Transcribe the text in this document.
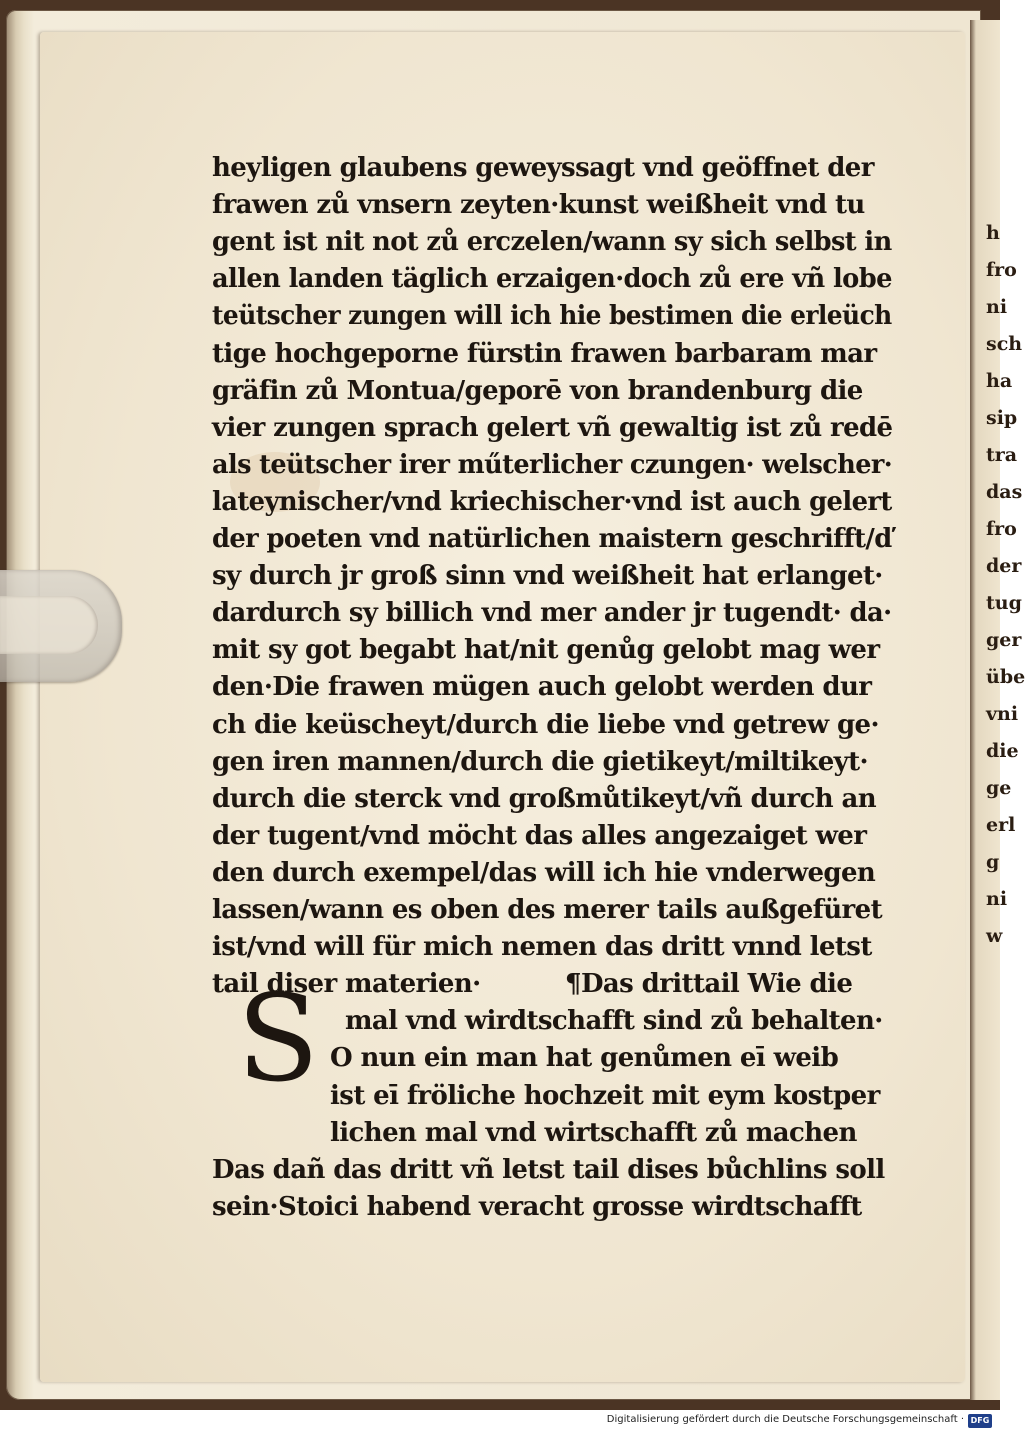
h
fro
ni
sch
ha
sip
tra
das
fro
der
tug
ger
übe
vni
die
ge
erl
g
ni
w
heyligen glaubens geweyssagt vnd geöffnet der
frawen zů vnsern zeyten·kunst weißheit vnd tu
gent ist nit not zů erczelen/wann sy sich selbst in
allen landen täglich erzaigen·doch zů ere vñ lobe
teütscher zungen will ich hie bestimen die erleüch
tige hochgeporne fürstin frawen barbaram mar
gräfin zů Montua/geporē von brandenburg die
vier zungen sprach gelert vñ gewaltig ist zů redē
als teütscher irer műterlicher czungen· welscher·
lateynischer/vnd kriechischer·vnd ist auch gelert
der poeten vnd natürlichen maistern geschrifft/ď
sy durch jr groß sinn vnd weißheit hat erlanget·
dardurch sy billich vnd mer ander jr tugendt· da·
mit sy got begabt hat/nit genůg gelobt mag wer
den·Die frawen mügen auch gelobt werden dur
ch die keüscheyt/durch die liebe vnd getrew ge·
gen iren mannen/durch die gietikeyt/miltikeyt·
durch die sterck vnd großmůtikeyt/vñ durch an
der tugent/vnd möcht das alles angezaiget wer
den durch exempel/das will ich hie vnderwegen
lassen/wann es oben des merer tails außgefüret
ist/vnd will für mich nemen das dritt vnnd letst
tail diser materien·	¶Das drittail Wie die
mal vnd wirdtschafft sind zů behalten·
O nun ein man hat genůmen eī weib
ist eī fröliche hochzeit mit eym kostper
lichen mal vnd wirtschafft zů machen
Das dañ das dritt vñ letst tail dises bůchlins soll
sein·Stoici habend veracht grosse wirdtschafft
S
Digitalisierung gefördert durch die Deutsche Forschungsgemeinschaft · DFG
